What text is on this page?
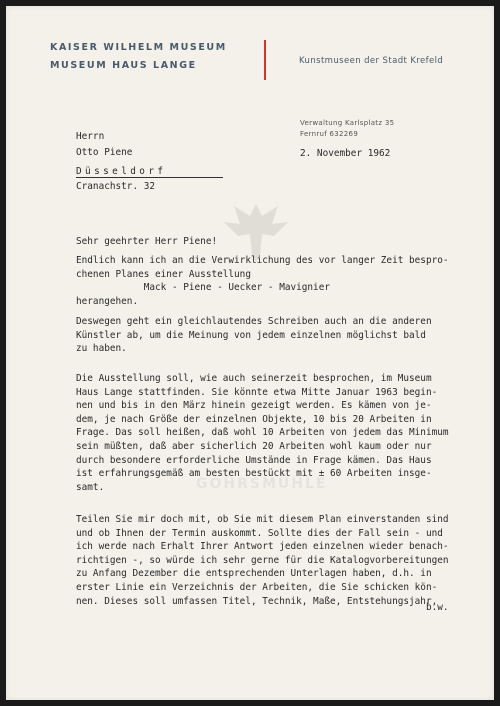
KAISER WILHELM MUSEUM
MUSEUM HAUS LANGE	Kunstmuseen der Stadt Krefeld
Verwaltung Karlsplatz 35
Fernruf 632269
Herrn
Otto Piene
Düsseldorf
Cranachstr. 32
2. November 1962
GOHRSMÜHLE
Sehr geehrter Herr Piene!
Endlich kann ich an die Verwirklichung des vor langer Zeit bespro-
chenen Planes einer Ausstellung
Mack - Piene - Uecker - Mavignier
herangehen.
Deswegen geht ein gleichlautendes Schreiben auch an die anderen
Künstler ab, um die Meinung von jedem einzelnen möglichst bald
zu haben.
Die Ausstellung soll, wie auch seinerzeit besprochen, im Museum
Haus Lange stattfinden. Sie könnte etwa Mitte Januar 1963 begin-
nen und bis in den März hinein gezeigt werden. Es kämen von je-
dem, je nach Größe der einzelnen Objekte, 10 bis 20 Arbeiten in
Frage. Das soll heißen, daß wohl 10 Arbeiten von jedem das Minimum
sein müßten, daß aber sicherlich 20 Arbeiten wohl kaum oder nur
durch besondere erforderliche Umstände in Frage kämen. Das Haus
ist erfahrungsgemäß am besten bestückt mit ± 60 Arbeiten insge-
samt.
Teilen Sie mir doch mit, ob Sie mit diesem Plan einverstanden sind
und ob Ihnen der Termin auskommt. Sollte dies der Fall sein - und
ich werde nach Erhalt Ihrer Antwort jeden einzelnen wieder benach-
richtigen -, so würde ich sehr gerne für die Katalogvorbereitungen
zu Anfang Dezember die entsprechenden Unterlagen haben, d.h. in
erster Linie ein Verzeichnis der Arbeiten, die Sie schicken kön-
nen. Dieses soll umfassen Titel, Technik, Maße, Entstehungsjahr,
b.w.
